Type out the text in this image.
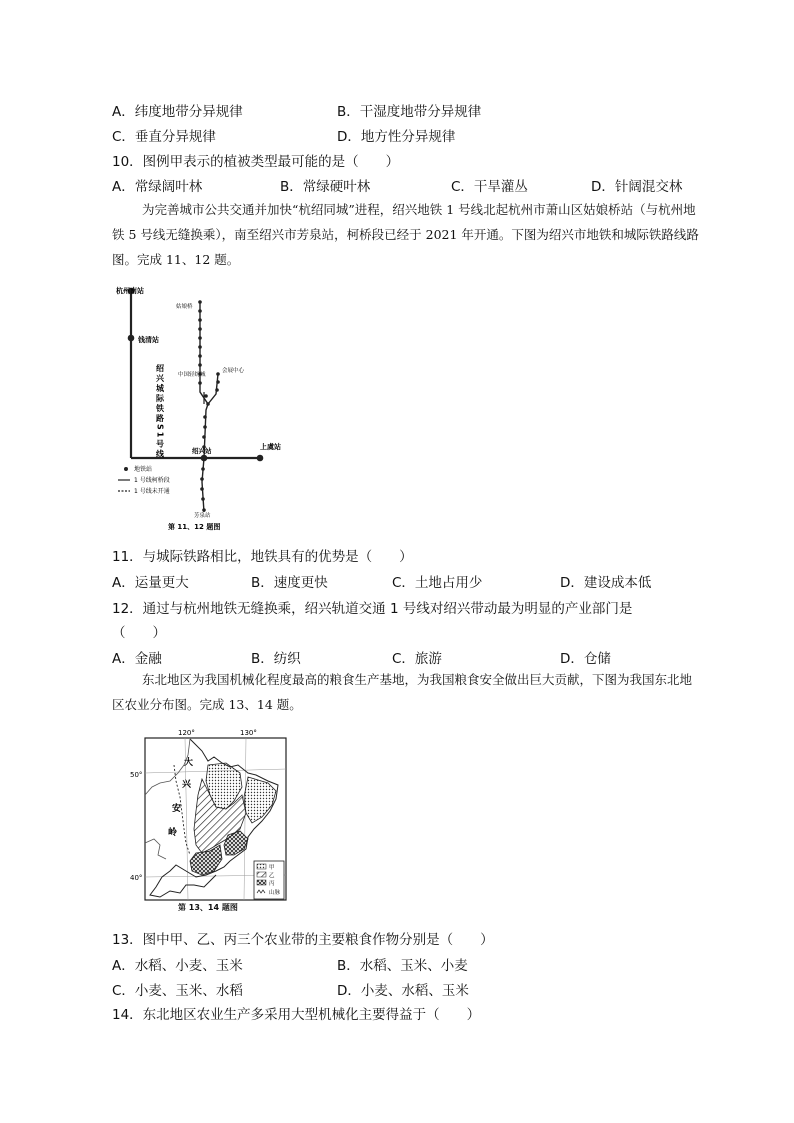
A．纬度地带分异规律	B．干湿度地带分异规律
C．垂直分异规律	D．地方性分异规律
10．图例甲表示的植被类型最可能的是（　　）
A．常绿阔叶林	B．常绿硬叶林	C．干旱灌丛	D．针阔混交林
为完善城市公共交通并加快“杭绍同城”进程，绍兴地铁 1 号线北起杭州市萧山区姑娘桥站（与杭州地铁 5 号线无缝换乘），南至绍兴市芳泉站，柯桥段已经于 2021 年开通。下图为绍兴市地铁和城际铁路线路图。完成 11、12 题。
杭州南站
姑娘桥
钱清站
中国轻纺城
会展中心
绍兴城际铁路S1号线	绍兴站	上虞站
芳泉站
地铁站
1 号线柯桥段
1 号线未开通
第 11、12 题图
11．与城际铁路相比，地铁具有的优势是（　　）
A．运量更大	B．速度更快	C．土地占用少	D．建设成本低
12．通过与杭州地铁无缝换乘，绍兴轨道交通 1 号线对绍兴带动最为明显的产业部门是
（　　）
A．金融	B．纺织	C．旅游	D．仓储
东北地区为我国机械化程度最高的粮食生产基地，为我国粮食安全做出巨大贡献，下图为我国东北地区农业分布图。完成 13、14 题。
120°	130°
50°
40°
大
兴
安
岭
甲
乙
丙
山脉
第 13、14 题图
13．图中甲、乙、丙三个农业带的主要粮食作物分别是（　　）
A．水稻、小麦、玉米	B．水稻、玉米、小麦
C．小麦、玉米、水稻	D．小麦、水稻、玉米
14．东北地区农业生产多采用大型机械化主要得益于（　　）
